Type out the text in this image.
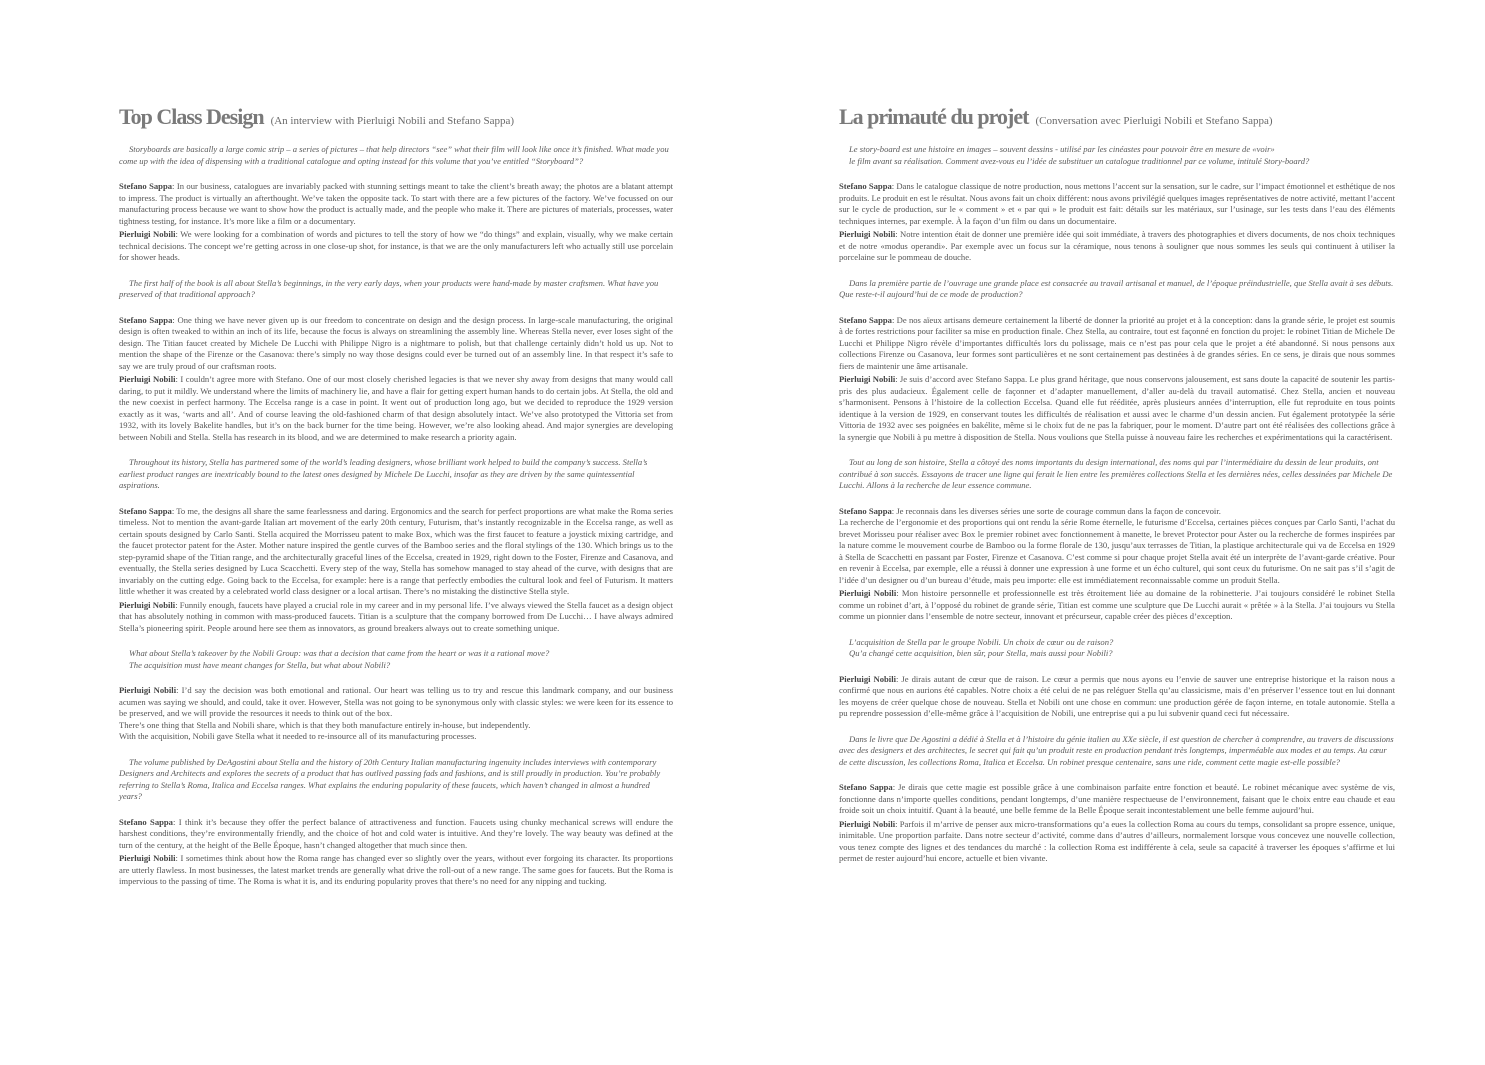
Top Class Design (An interview with Pierluigi Nobili and Stefano Sappa)

Storyboards are basically a large comic strip – a series of pictures – that help directors “see” what their film will look like once it’s finished. What made you come up with the idea of dispensing with a traditional catalogue and opting instead for this volume that you’ve entitled “Storyboard”?

Stefano Sappa: In our business, catalogues are invariably packed with stunning settings meant to take the client’s breath away; the photos are a blatant attempt to impress. The product is virtually an afterthought. We’ve taken the opposite tack. To start with there are a few pictures of the factory. We’ve focussed on our manufacturing process because we want to show how the product is actually made, and the people who make it. There are pictures of materials, processes, water tightness testing, for instance. It’s more like a film or a documentary.

Pierluigi Nobili: We were looking for a combination of words and pictures to tell the story of how we “do things” and explain, visually, why we make certain technical decisions. The concept we’re getting across in one close-up shot, for instance, is that we are the only manufacturers left who actually still use porcelain for shower heads.

The first half of the book is all about Stella’s beginnings, in the very early days, when your products were hand-made by master craftsmen. What have you preserved of that traditional approach?

Stefano Sappa: One thing we have never given up is our freedom to concentrate on design and the design process. In large-scale manufacturing, the original design is often tweaked to within an inch of its life, because the focus is always on streamlining the assembly line. Whereas Stella never, ever loses sight of the design. The Titian faucet created by Michele De Lucchi with Philippe Nigro is a nightmare to polish, but that challenge certainly didn’t hold us up. Not to mention the shape of the Firenze or the Casanova: there’s simply no way those designs could ever be turned out of an assembly line. In that respect it’s safe to say we are truly proud of our craftsman roots.

Pierluigi Nobili: I couldn’t agree more with Stefano. One of our most closely cherished legacies is that we never shy away from designs that many would call daring, to put it mildly. We understand where the limits of machinery lie, and have a flair for getting expert human hands to do certain jobs. At Stella, the old and the new coexist in perfect harmony. The Eccelsa range is a case in point. It went out of production long ago, but we decided to reproduce the 1929 version exactly as it was, ‘warts and all’. And of course leaving the old-fashioned charm of that design absolutely intact. We’ve also prototyped the Vittoria set from 1932, with its lovely Bakelite handles, but it’s on the back burner for the time being. However, we’re also looking ahead. And major synergies are developing between Nobili and Stella. Stella has research in its blood, and we are determined to make research a priority again.

Throughout its history, Stella has partnered some of the world’s leading designers, whose brilliant work helped to build the company’s success. Stella’s earliest product ranges are inextricably bound to the latest ones designed by Michele De Lucchi, insofar as they are driven by the same quintessential aspirations.

Stefano Sappa: To me, the designs all share the same fearlessness and daring. Ergonomics and the search for perfect proportions are what make the Roma series timeless. Not to mention the avant-garde Italian art movement of the early 20th century, Futurism, that’s instantly recognizable in the Eccelsa range, as well as certain spouts designed by Carlo Santi. Stella acquired the Morrisseu patent to make Box, which was the first faucet to feature a joystick mixing cartridge, and the faucet protector patent for the Aster. Mother nature inspired the gentle curves of the Bamboo series and the floral stylings of the 130. Which brings us to the step-pyramid shape of the Titian range, and the architecturally graceful lines of the Eccelsa, created in 1929, right down to the Foster, Firenze and Casanova, and eventually, the Stella series designed by Luca Scacchetti. Every step of the way, Stella has somehow managed to stay ahead of the curve, with designs that are invariably on the cutting edge. Going back to the Eccelsa, for example: here is a range that perfectly embodies the cultural look and feel of Futurism. It matters little whether it was created by a celebrated world class designer or a local artisan. There’s no mistaking the distinctive Stella style.

Pierluigi Nobili: Funnily enough, faucets have played a crucial role in my career and in my personal life. I’ve always viewed the Stella faucet as a design object that has absolutely nothing in common with mass-produced faucets. Titian is a sculpture that the company borrowed from De Lucchi… I have always admired Stella’s pioneering spirit. People around here see them as innovators, as ground breakers always out to create something unique.

What about Stella’s takeover by the Nobili Group: was that a decision that came from the heart or was it a rational move?
The acquisition must have meant changes for Stella, but what about Nobili?

Pierluigi Nobili: I’d say the decision was both emotional and rational. Our heart was telling us to try and rescue this landmark company, and our business acumen was saying we should, and could, take it over. However, Stella was not going to be synonymous only with classic styles: we were keen for its essence to be preserved, and we will provide the resources it needs to think out of the box.
There’s one thing that Stella and Nobili share, which is that they both manufacture entirely in-house, but independently.
With the acquisition, Nobili gave Stella what it needed to re-insource all of its manufacturing processes.

The volume published by DeAgostini about Stella and the history of 20th Century Italian manufacturing ingenuity includes interviews with contemporary Designers and Architects and explores the secrets of a product that has outlived passing fads and fashions, and is still proudly in production. You’re probably referring to Stella’s Roma, Italica and Eccelsa ranges. What explains the enduring popularity of these faucets, which haven’t changed in almost a hundred years?

Stefano Sappa: I think it’s because they offer the perfect balance of attractiveness and function. Faucets using chunky mechanical screws will endure the harshest conditions, they’re environmentally friendly, and the choice of hot and cold water is intuitive. And they’re lovely. The way beauty was defined at the turn of the century, at the height of the Belle Époque, hasn’t changed altogether that much since then.

Pierluigi Nobili: I sometimes think about how the Roma range has changed ever so slightly over the years, without ever forgoing its character. Its proportions are utterly flawless. In most businesses, the latest market trends are generally what drive the roll-out of a new range. The same goes for faucets. But the Roma is impervious to the passing of time. The Roma is what it is, and its enduring popularity proves that there’s no need for any nipping and tucking.

La primauté du projet (Conversation avec Pierluigi Nobili et Stefano Sappa)

Le story-board est une histoire en images – souvent dessins - utilisé par les cinéastes pour pouvoir être en mesure de «voir»
le film avant sa réalisation. Comment avez-vous eu l’idée de substituer un catalogue traditionnel par ce volume, intitulé Story-board?

Stefano Sappa: Dans le catalogue classique de notre production, nous mettons l’accent sur la sensation, sur le cadre, sur l’impact émotionnel et esthétique de nos produits. Le produit en est le résultat. Nous avons fait un choix différent: nous avons privilégié quelques images représentatives de notre activité, mettant l’accent sur le cycle de production, sur le « comment » et « par qui » le produit est fait: détails sur les matériaux, sur l’usinage, sur les tests dans l’eau des éléments techniques internes, par exemple. À la façon d’un film ou dans un documentaire.

Pierluigi Nobili: Notre intention était de donner une première idée qui soit immédiate, à travers des photographies et divers documents, de nos choix techniques et de notre «modus operandi». Par exemple avec un focus sur la céramique, nous tenons à souligner que nous sommes les seuls qui continuent à utiliser la porcelaine sur le pommeau de douche.

Dans la première partie de l’ouvrage une grande place est consacrée au travail artisanal et manuel, de l’époque préindustrielle, que Stella avait à ses débuts. Que reste-t-il aujourd’hui de ce mode de production?

Stefano Sappa: De nos aïeux artisans demeure certainement la liberté de donner la priorité au projet et à la conception: dans la grande série, le projet est soumis à de fortes restrictions pour faciliter sa mise en production finale. Chez Stella, au contraire, tout est façonné en fonction du projet: le robinet Titian de Michele De Lucchi et Philippe Nigro révèle d’importantes difficultés lors du polissage, mais ce n’est pas pour cela que le projet a été abandonné. Si nous pensons aux collections Firenze ou Casanova, leur formes sont particulières et ne sont certainement pas destinées à de grandes séries. En ce sens, je dirais que nous sommes fiers de maintenir une âme artisanale.

Pierluigi Nobili: Je suis d’accord avec Stefano Sappa. Le plus grand héritage, que nous conservons jalousement, est sans doute la capacité de soutenir les partis-pris des plus audacieux. Également celle de façonner et d’adapter manuellement, d’aller au-delà du travail automatisé. Chez Stella, ancien et nouveau s’harmonisent. Pensons à l’histoire de la collection Eccelsa. Quand elle fut rééditée, après plusieurs années d’interruption, elle fut reproduite en tous points identique à la version de 1929, en conservant toutes les difficultés de réalisation et aussi avec le charme d’un dessin ancien. Fut également prototypée la série Vittoria de 1932 avec ses poignées en bakélite, même si le choix fut de ne pas la fabriquer, pour le moment. D’autre part ont été réalisées des collections grâce à la synergie que Nobili à pu mettre à disposition de Stella. Nous voulions que Stella puisse à nouveau faire les recherches et expérimentations qui la caractérisent.

Tout au long de son histoire, Stella a côtoyé des noms importants du design international, des noms qui par l’intermédiaire du dessin de leur produits, ont contribué à son succès. Essayons de tracer une ligne qui ferait le lien entre les premières collections Stella et les dernières nées, celles dessinées par Michele De Lucchi. Allons à la recherche de leur essence commune.

Stefano Sappa: Je reconnais dans les diverses séries une sorte de courage commun dans la façon de concevoir.
La recherche de l’ergonomie et des proportions qui ont rendu la série Rome éternelle, le futurisme d’Eccelsa, certaines pièces conçues par Carlo Santi, l’achat du brevet Morisseu pour réaliser avec Box le premier robinet avec fonctionnement à manette, le brevet Protector pour Aster ou la recherche de formes inspirées par la nature comme le mouvement courbe de Bamboo ou la forme florale de 130, jusqu’aux terrasses de Titian, la plastique architecturale qui va de Eccelsa en 1929 à Stella de Scacchetti en passant par Foster, Firenze et Casanova. C’est comme si pour chaque projet Stella avait été un interprète de l’avant-garde créative. Pour en revenir à Eccelsa, par exemple, elle a réussi à donner une expression à une forme et un écho culturel, qui sont ceux du futurisme. On ne sait pas s’il s’agit de l’idée d’un designer ou d’un bureau d’étude, mais peu importe: elle est immédiatement reconnaissable comme un produit Stella.

Pierluigi Nobili: Mon histoire personnelle et professionnelle est très étroitement liée au domaine de la robinetterie. J’ai toujours considéré le robinet Stella comme un robinet d’art, à l’opposé du robinet de grande série, Titian est comme une sculpture que De Lucchi aurait « prêtée » à la Stella. J’ai toujours vu Stella comme un pionnier dans l’ensemble de notre secteur, innovant et précurseur, capable créer des pièces d’exception.

L’acquisition de Stella par le groupe Nobili. Un choix de cœur ou de raison?
Qu’a changé cette acquisition, bien sûr, pour Stella, mais aussi pour Nobili?

Pierluigi Nobili: Je dirais autant de cœur que de raison. Le cœur a permis que nous ayons eu l’envie de sauver une entreprise historique et la raison nous a confirmé que nous en aurions été capables. Notre choix a été celui de ne pas reléguer Stella qu’au classicisme, mais d’en préserver l’essence tout en lui donnant les moyens de créer quelque chose de nouveau. Stella et Nobili ont une chose en commun: une production gérée de façon interne, en totale autonomie. Stella a pu reprendre possession d’elle-même grâce à l’acquisition de Nobili, une entreprise qui a pu lui subvenir quand ceci fut nécessaire.

Dans le livre que De Agostini a dédié à Stella et à l’histoire du génie italien au XXe siècle, il est question de chercher à comprendre, au travers de discussions avec des designers et des architectes, le secret qui fait qu’un produit reste en production pendant très longtemps, imperméable aux modes et au temps. Au cœur de cette discussion, les collections Roma, Italica et Eccelsa. Un robinet presque centenaire, sans une ride, comment cette magie est-elle possible?

Stefano Sappa: Je dirais que cette magie est possible grâce à une combinaison parfaite entre fonction et beauté. Le robinet mécanique avec système de vis, fonctionne dans n’importe quelles conditions, pendant longtemps, d’une manière respectueuse de l’environnement, faisant que le choix entre eau chaude et eau froide soit un choix intuitif. Quant à la beauté, une belle femme de la Belle Époque serait incontestablement une belle femme aujourd’hui.

Pierluigi Nobili: Parfois il m’arrive de penser aux micro-transformations qu’a eues la collection Roma au cours du temps, consolidant sa propre essence, unique, inimitable. Une proportion parfaite. Dans notre secteur d’activité, comme dans d’autres d’ailleurs, normalement lorsque vous concevez une nouvelle collection, vous tenez compte des lignes et des tendances du marché : la collection Roma est indifférente à cela, seule sa capacité à traverser les époques s’affirme et lui permet de rester aujourd’hui encore, actuelle et bien vivante.
